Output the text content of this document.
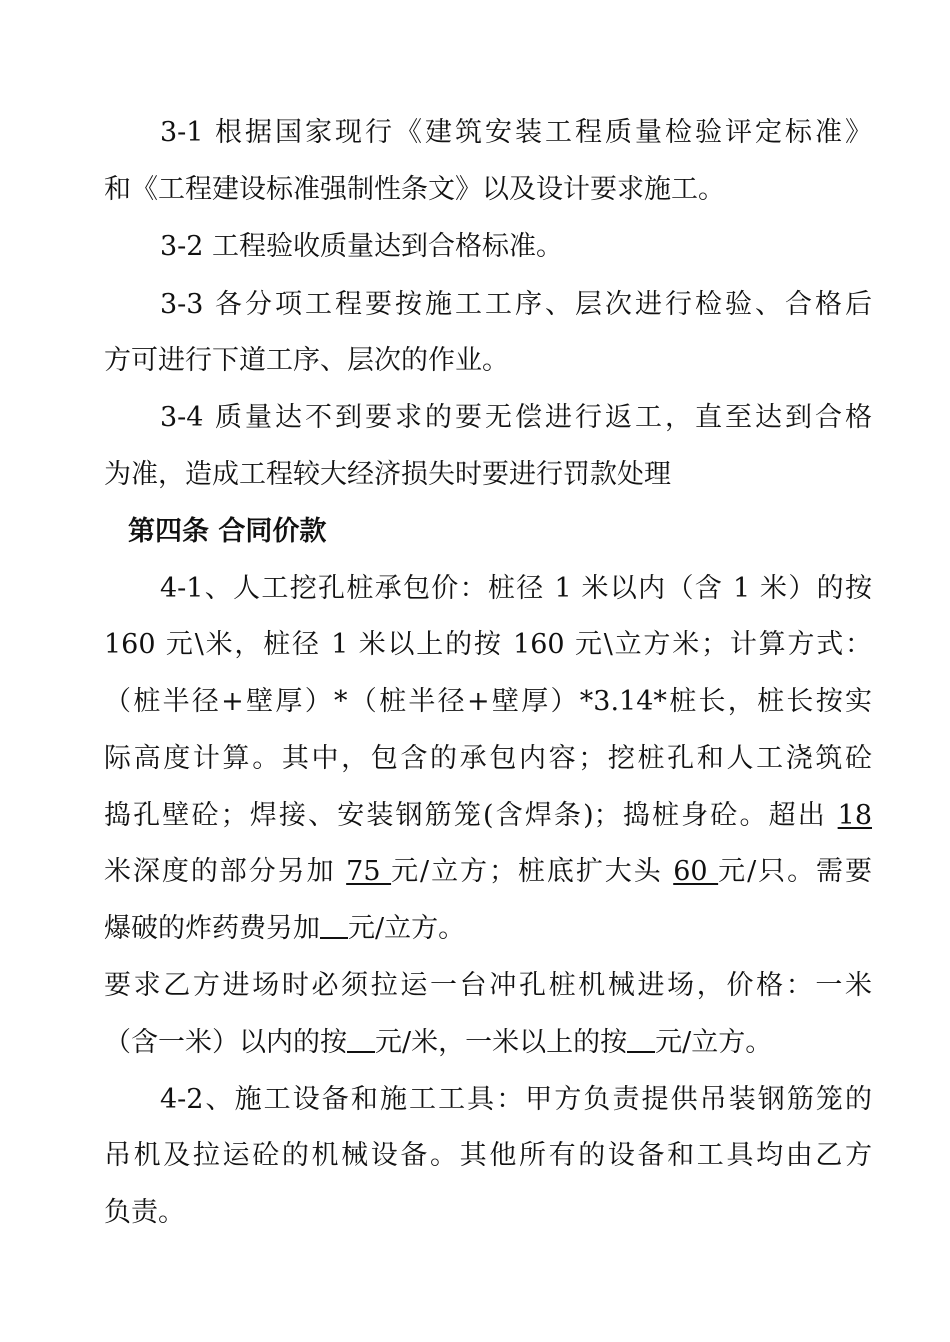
3-1 根据国家现行《建筑安装工程质量检验评定标准》
和《工程建设标准强制性条文》以及设计要求施工。
3-2 工程验收质量达到合格标准。
3-3 各分项工程要按施工工序、层次进行检验、合格后
方可进行下道工序、层次的作业。
3-4 质量达不到要求的要无偿进行返工，直至达到合格
为准，造成工程较大经济损失时要进行罚款处理
第四条 合同价款
4-1、人工挖孔桩承包价：桩径 1 米以内（含 1 米）的按
160 元\米，桩径 1 米以上的按 160 元\立方米；计算方式：
（桩半径+壁厚）*（桩半径+壁厚）*3.14*桩长，桩长按实
际高度计算。其中，包含的承包内容；挖桩孔和人工浇筑砼
捣孔壁砼；焊接、安装钢筋笼(含焊条)；捣桩身砼。超出 18
米深度的部分另加 75 元/立方；桩底扩大头 60 元/只。需要
爆破的炸药费另加 元/立方。
要求乙方进场时必须拉运一台冲孔桩机械进场，价格：一米
（含一米）以内的按 元/米，一米以上的按 元/立方。
4-2、施工设备和施工工具：甲方负责提供吊装钢筋笼的
吊机及拉运砼的机械设备。其他所有的设备和工具均由乙方
负责。
